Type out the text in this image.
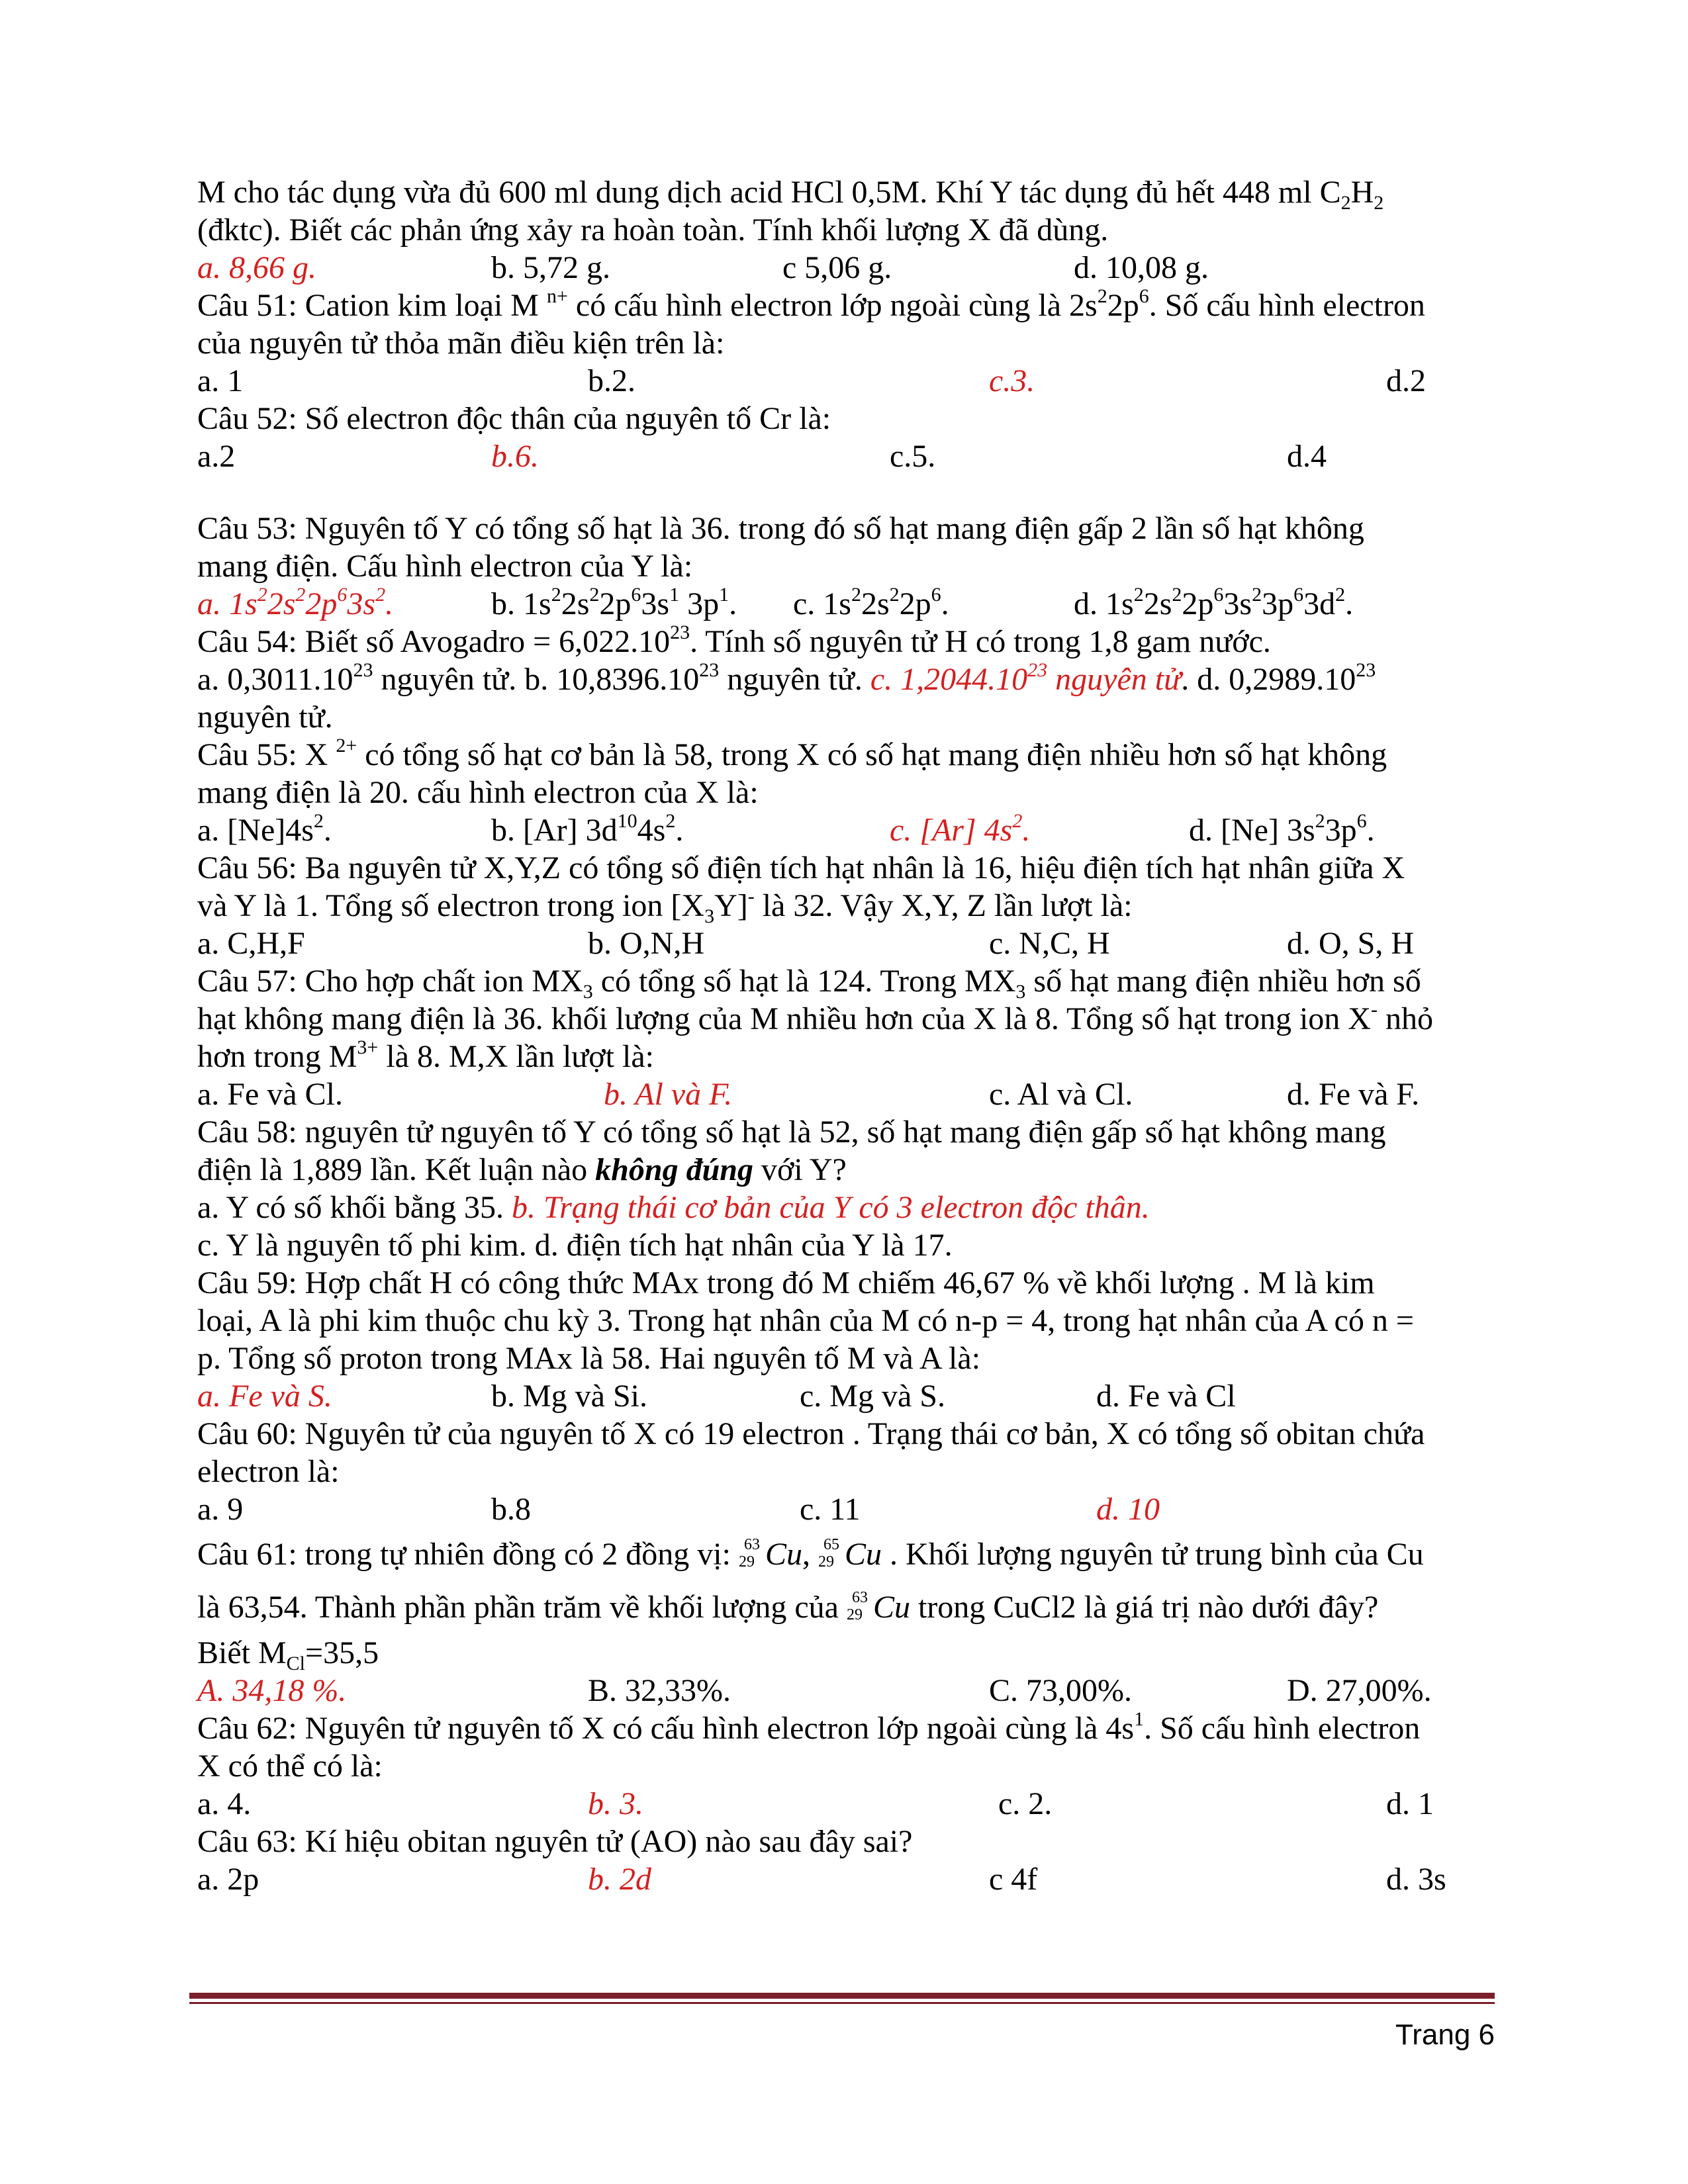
M cho tác dụng vừa đủ 600 ml dung dịch acid HCl 0,5M. Khí Y tác dụng đủ hết 448 ml $C_2H_2$
(đktc). Biết các phản ứng xảy ra hoàn toàn. Tính khối lượng X đã dùng.
a. 8,66 g.	b. 5,72 g.	c 5,06 g.	d. 10,08 g.
Câu 51: Cation kim loại M $^{n+}$ có cấu hình electron lớp ngoài cùng là $2s^22p^6$. Số cấu hình electron
của nguyên tử thỏa mãn điều kiện trên là:
a. 1	b.2.	c.3.	d.2
Câu 52: Số electron độc thân của nguyên tố Cr là:
a.2	b.6.	c.5.	d.4
Câu 53: Nguyên tố Y có tổng số hạt là 36. trong đó số hạt mang điện gấp 2 lần số hạt không
mang điện. Cấu hình electron của Y là:
a. $1s^22s^22p^63s^2$.	b. $1s^22s^22p^63s^1$ $3p^1$. c. $1s^22s^22p^6$.	d. $1s^22s^22p^63s^23p^63d^2$.
Câu 54: Biết số Avogadro = $6,022.10^{23}$. Tính số nguyên tử H có trong 1,8 gam nước.
a. 0,3011.10$^{23}$ nguyên tử. b. 10,8396.10$^{23}$ nguyên tử. c. 1,2044.10$^{23}$ nguyên tử. d. 0,2989.10$^{23}$
nguyên tử.
Câu 55: X $^{2+}$ có tổng số hạt cơ bản là 58, trong X có số hạt mang điện nhiều hơn số hạt không
mang điện là 20. cấu hình electron của X là:
a. $[Ne]4s^2$.	b. [Ar] $3d^{10}4s^2$.	c. [Ar] $4s^2$.	d. [Ne] $3s^23p^6$.
Câu 56: Ba nguyên tử X,Y,Z có tổng số điện tích hạt nhân là 16, hiệu điện tích hạt nhân giữa X
và Y là 1. Tổng số electron trong ion $[X_3Y]^-$ là 32. Vậy X,Y, Z lần lượt là:
a. C,H,F	b. O,N,H	c. N,C, H	d. O, S, H
Câu 57: Cho hợp chất ion $MX_3$ có tổng số hạt là 124. Trong $MX_3$ số hạt mang điện nhiều hơn số
hạt không mang điện là 36. khối lượng của M nhiều hơn của X là 8. Tổng số hạt trong ion X- nhỏ
hơn trong $M^{3+}$ là 8. M,X lần lượt là:
a. Fe và Cl.	b. Al và F.	c. Al và Cl.	d. Fe và F.
Câu 58: nguyên tử nguyên tố Y có tổng số hạt là 52, số hạt mang điện gấp số hạt không mang
điện là 1,889 lần. Kết luận nào không đúng với Y?
a. Y có số khối bằng 35. b. Trạng thái cơ bản của Y có 3 electron độc thân.
c. Y là nguyên tố phi kim. d. điện tích hạt nhân của Y là 17.
Câu 59: Hợp chất H có công thức MAx trong đó M chiếm 46,67 % về khối lượng . M là kim
loại, A là phi kim thuộc chu kỳ 3. Trong hạt nhân của M có n-p = 4, trong hạt nhân của A có n =
p. Tổng số proton trong MAx là 58. Hai nguyên tố M và A là:
a. Fe và S.	b. Mg và Si.	c. Mg và S.	d. Fe và Cl
Câu 60: Nguyên tử của nguyên tố X có 19 electron . Trạng thái cơ bản, X có tổng số obitan chứa
electron là:
a. 9	b.8	c. 11	d. 10
Câu 61: trong tự nhiên đồng có 2 đồng vị: 63
29 Cu, 65
29 Cu . Khối lượng nguyên tử trung bình của Cu
là 63,54. Thành phần phần trăm về khối lượng của 63
29 Cu trong CuCl2 là giá trị nào dưới đây?
Biết $M_{Cl}=35,5$
A. 34,18 %.	B. 32,33%.	C. 73,00%.	D. 27,00%.
Câu 62: Nguyên tử nguyên tố X có cấu hình electron lớp ngoài cùng là $4s^1$. Số cấu hình electron
X có thể có là:
a. 4.	b. 3.	c. 2.	d. 1
Câu 63: Kí hiệu obitan nguyên tử (AO) nào sau đây sai?
a. 2p	b. 2d	c 4f	d. 3s
Trang 6
